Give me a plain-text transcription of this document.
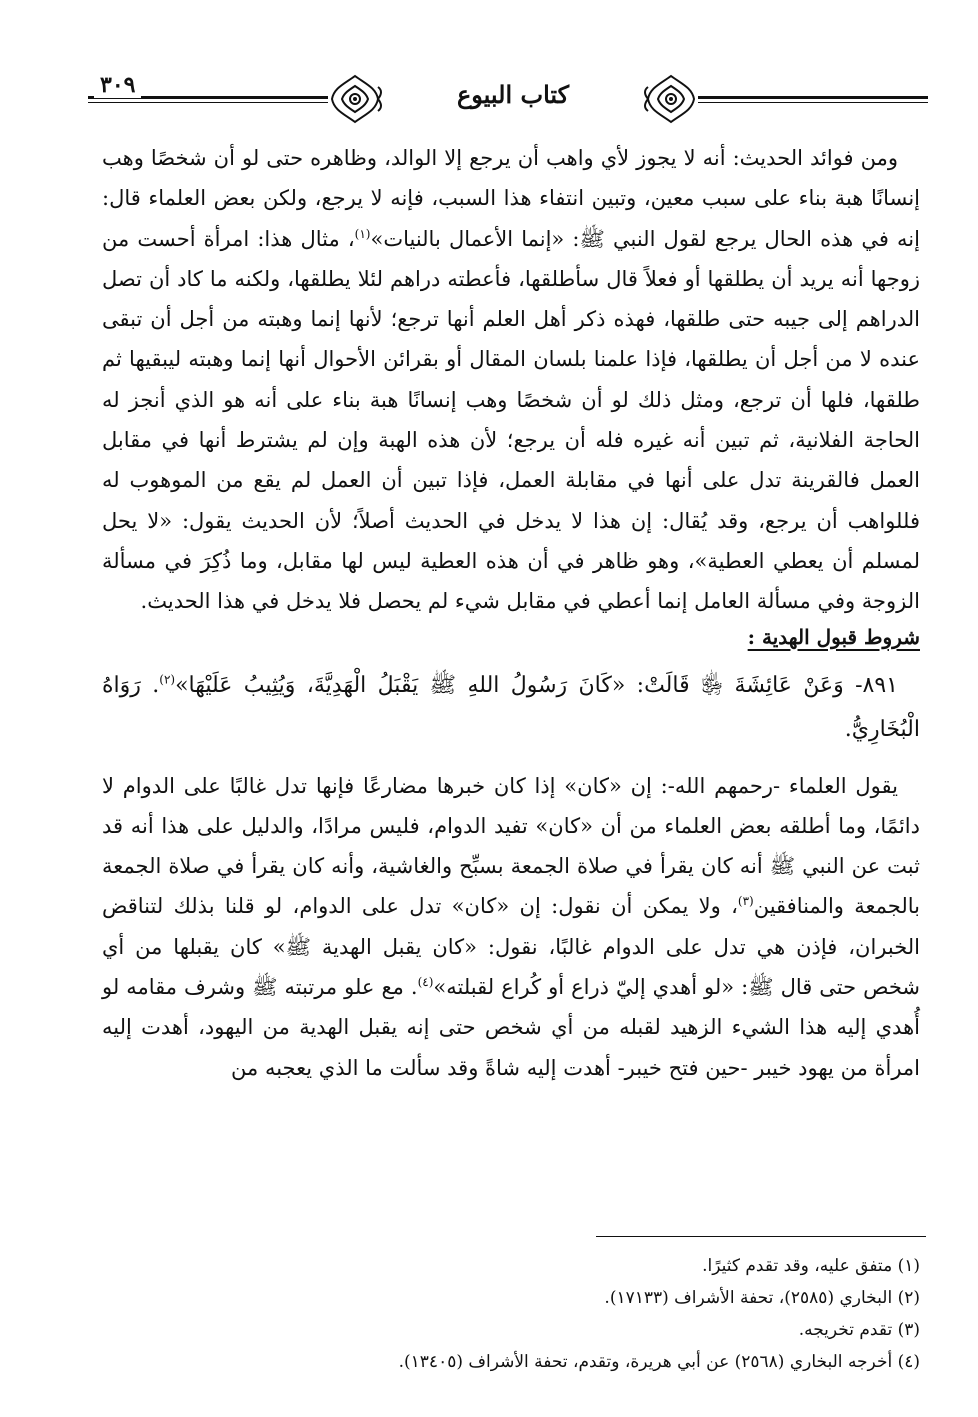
٣٠٩	كتاب البيوع

ومن فوائد الحديث: أنه لا يجوز لأي واهب أن يرجع إلا الوالد، وظاهره حتى لو أن شخصًا وهب إنسانًا هبة بناء على سبب معين، وتبين انتفاء هذا السبب، فإنه لا يرجع، ولكن بعض العلماء قال: إنه في هذه الحال يرجع لقول النبي ﷺ: «إنما الأعمال بالنيات»$^{(١)}$، مثال هذا: امرأة أحست من زوجها أنه يريد أن يطلقها أو فعلاً قال سأطلقها، فأعطته دراهم لئلا يطلقها، ولكنه ما كاد أن تصل الدراهم إلى جيبه حتى طلقها، فهذه ذكر أهل العلم أنها ترجع؛ لأنها إنما وهبته من أجل أن تبقى عنده لا من أجل أن يطلقها، فإذا علمنا بلسان المقال أو بقرائن الأحوال أنها إنما وهبته ليبقيها ثم طلقها، فلها أن ترجع، ومثل ذلك لو أن شخصًا وهب إنسانًا هبة بناء على أنه هو الذي أنجز له الحاجة الفلانية، ثم تبين أنه غيره فله أن يرجع؛ لأن هذه الهبة وإن لم يشترط أنها في مقابل العمل فالقرينة تدل على أنها في مقابلة العمل، فإذا تبين أن العمل لم يقع من الموهوب له فللواهب أن يرجع، وقد يُقال: إن هذا لا يدخل في الحديث أصلاً؛ لأن الحديث يقول: «لا يحل لمسلم أن يعطي العطية»، وهو ظاهر في أن هذه العطية ليس لها مقابل، وما ذُكِرَ في مسألة الزوجة وفي مسألة العامل إنما أعطي في مقابل شيء لم يحصل فلا يدخل في هذا الحديث.

شروط قبول الهدية :

٨٩١- وَعَنْ عَائِشَةَ ﵂ قَالَتْ: «كَانَ رَسُولُ اللهِ ﷺ يَقْبَلُ الْهَدِيَّةَ، وَيُثِيبُ عَلَيْهَا»$^{(٢)}$. رَوَاهُ الْبُخَارِيُّ.

يقول العلماء -رحمهم الله-: إن «كان» إذا كان خبرها مضارعًا فإنها تدل غالبًا على الدوام لا دائمًا، وما أطلقه بعض العلماء من أن «كان» تفيد الدوام، فليس مرادًا، والدليل على هذا أنه قد ثبت عن النبي ﷺ أنه كان يقرأ في صلاة الجمعة بسبِّح والغاشية، وأنه كان يقرأ في صلاة الجمعة بالجمعة والمنافقين$^{(٣)}$، ولا يمكن أن نقول: إن «كان» تدل على الدوام، لو قلنا بذلك لتناقض الخبران، فإذن هي تدل على الدوام غالبًا، نقول: «كان يقبل الهدية ﷺ» كان يقبلها من أي شخص حتى قال ﷺ: «لو أهدي إليّ ذراع أو كُراع لقبلته»$^{(٤)}$. مع علو مرتبته ﷺ وشرف مقامه لو أُهدي إليه هذا الشيء الزهيد لقبله من أي شخص حتى إنه يقبل الهدية من اليهود، أهدت إليه امرأة من يهود خيبر -حين فتح خيبر- أهدت إليه شاةً وقد سألت ما الذي يعجبه من

(١) متفق عليه، وقد تقدم كثيرًا.
(٢) البخاري (٢٥٨٥)، تحفة الأشراف (١٧١٣٣).
(٣) تقدم تخريجه.
(٤) أخرجه البخاري (٢٥٦٨) عن أبي هريرة، وتقدم، تحفة الأشراف (١٣٤٠٥).
